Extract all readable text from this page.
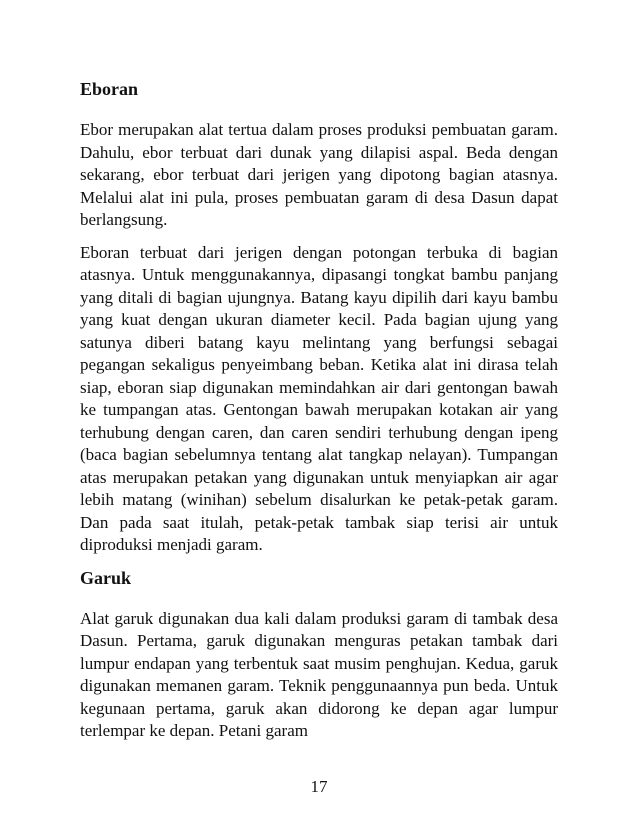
Eboran

Ebor merupakan alat tertua dalam proses produksi pembuatan garam. Dahulu, ebor terbuat dari dunak yang dilapisi aspal. Beda dengan sekarang, ebor terbuat dari jerigen yang dipotong bagian atasnya. Melalui alat ini pula, proses pembuatan garam di desa Dasun dapat berlangsung.

Eboran terbuat dari jerigen dengan potongan terbuka di bagian atasnya. Untuk menggunakannya, dipasangi tongkat bambu panjang yang ditali di bagian ujungnya. Batang kayu dipilih dari kayu bambu yang kuat dengan ukuran diameter kecil. Pada bagian ujung yang satunya diberi batang kayu melintang yang berfungsi sebagai pegangan sekaligus penyeimbang beban. Ketika alat ini dirasa telah siap, eboran siap digunakan memindahkan air dari gentongan bawah ke tumpangan atas. Gentongan bawah merupakan kotakan air yang terhubung dengan caren, dan caren sendiri terhubung dengan ipeng (baca bagian sebelumnya tentang alat tangkap nelayan). Tumpangan atas merupakan petakan yang digunakan untuk menyiapkan air agar lebih matang (winihan) sebelum disalurkan ke petak-petak garam. Dan pada saat itulah, petak-petak tambak siap terisi air untuk diproduksi menjadi garam.

Garuk

Alat garuk digunakan dua kali dalam produksi garam di tambak desa Dasun. Pertama, garuk digunakan menguras petakan tambak dari lumpur endapan yang terbentuk saat musim penghujan. Kedua, garuk digunakan memanen garam. Teknik penggunaannya pun beda. Untuk kegunaan pertama, garuk akan didorong ke depan agar lumpur terlempar ke depan. Petani garam

17
